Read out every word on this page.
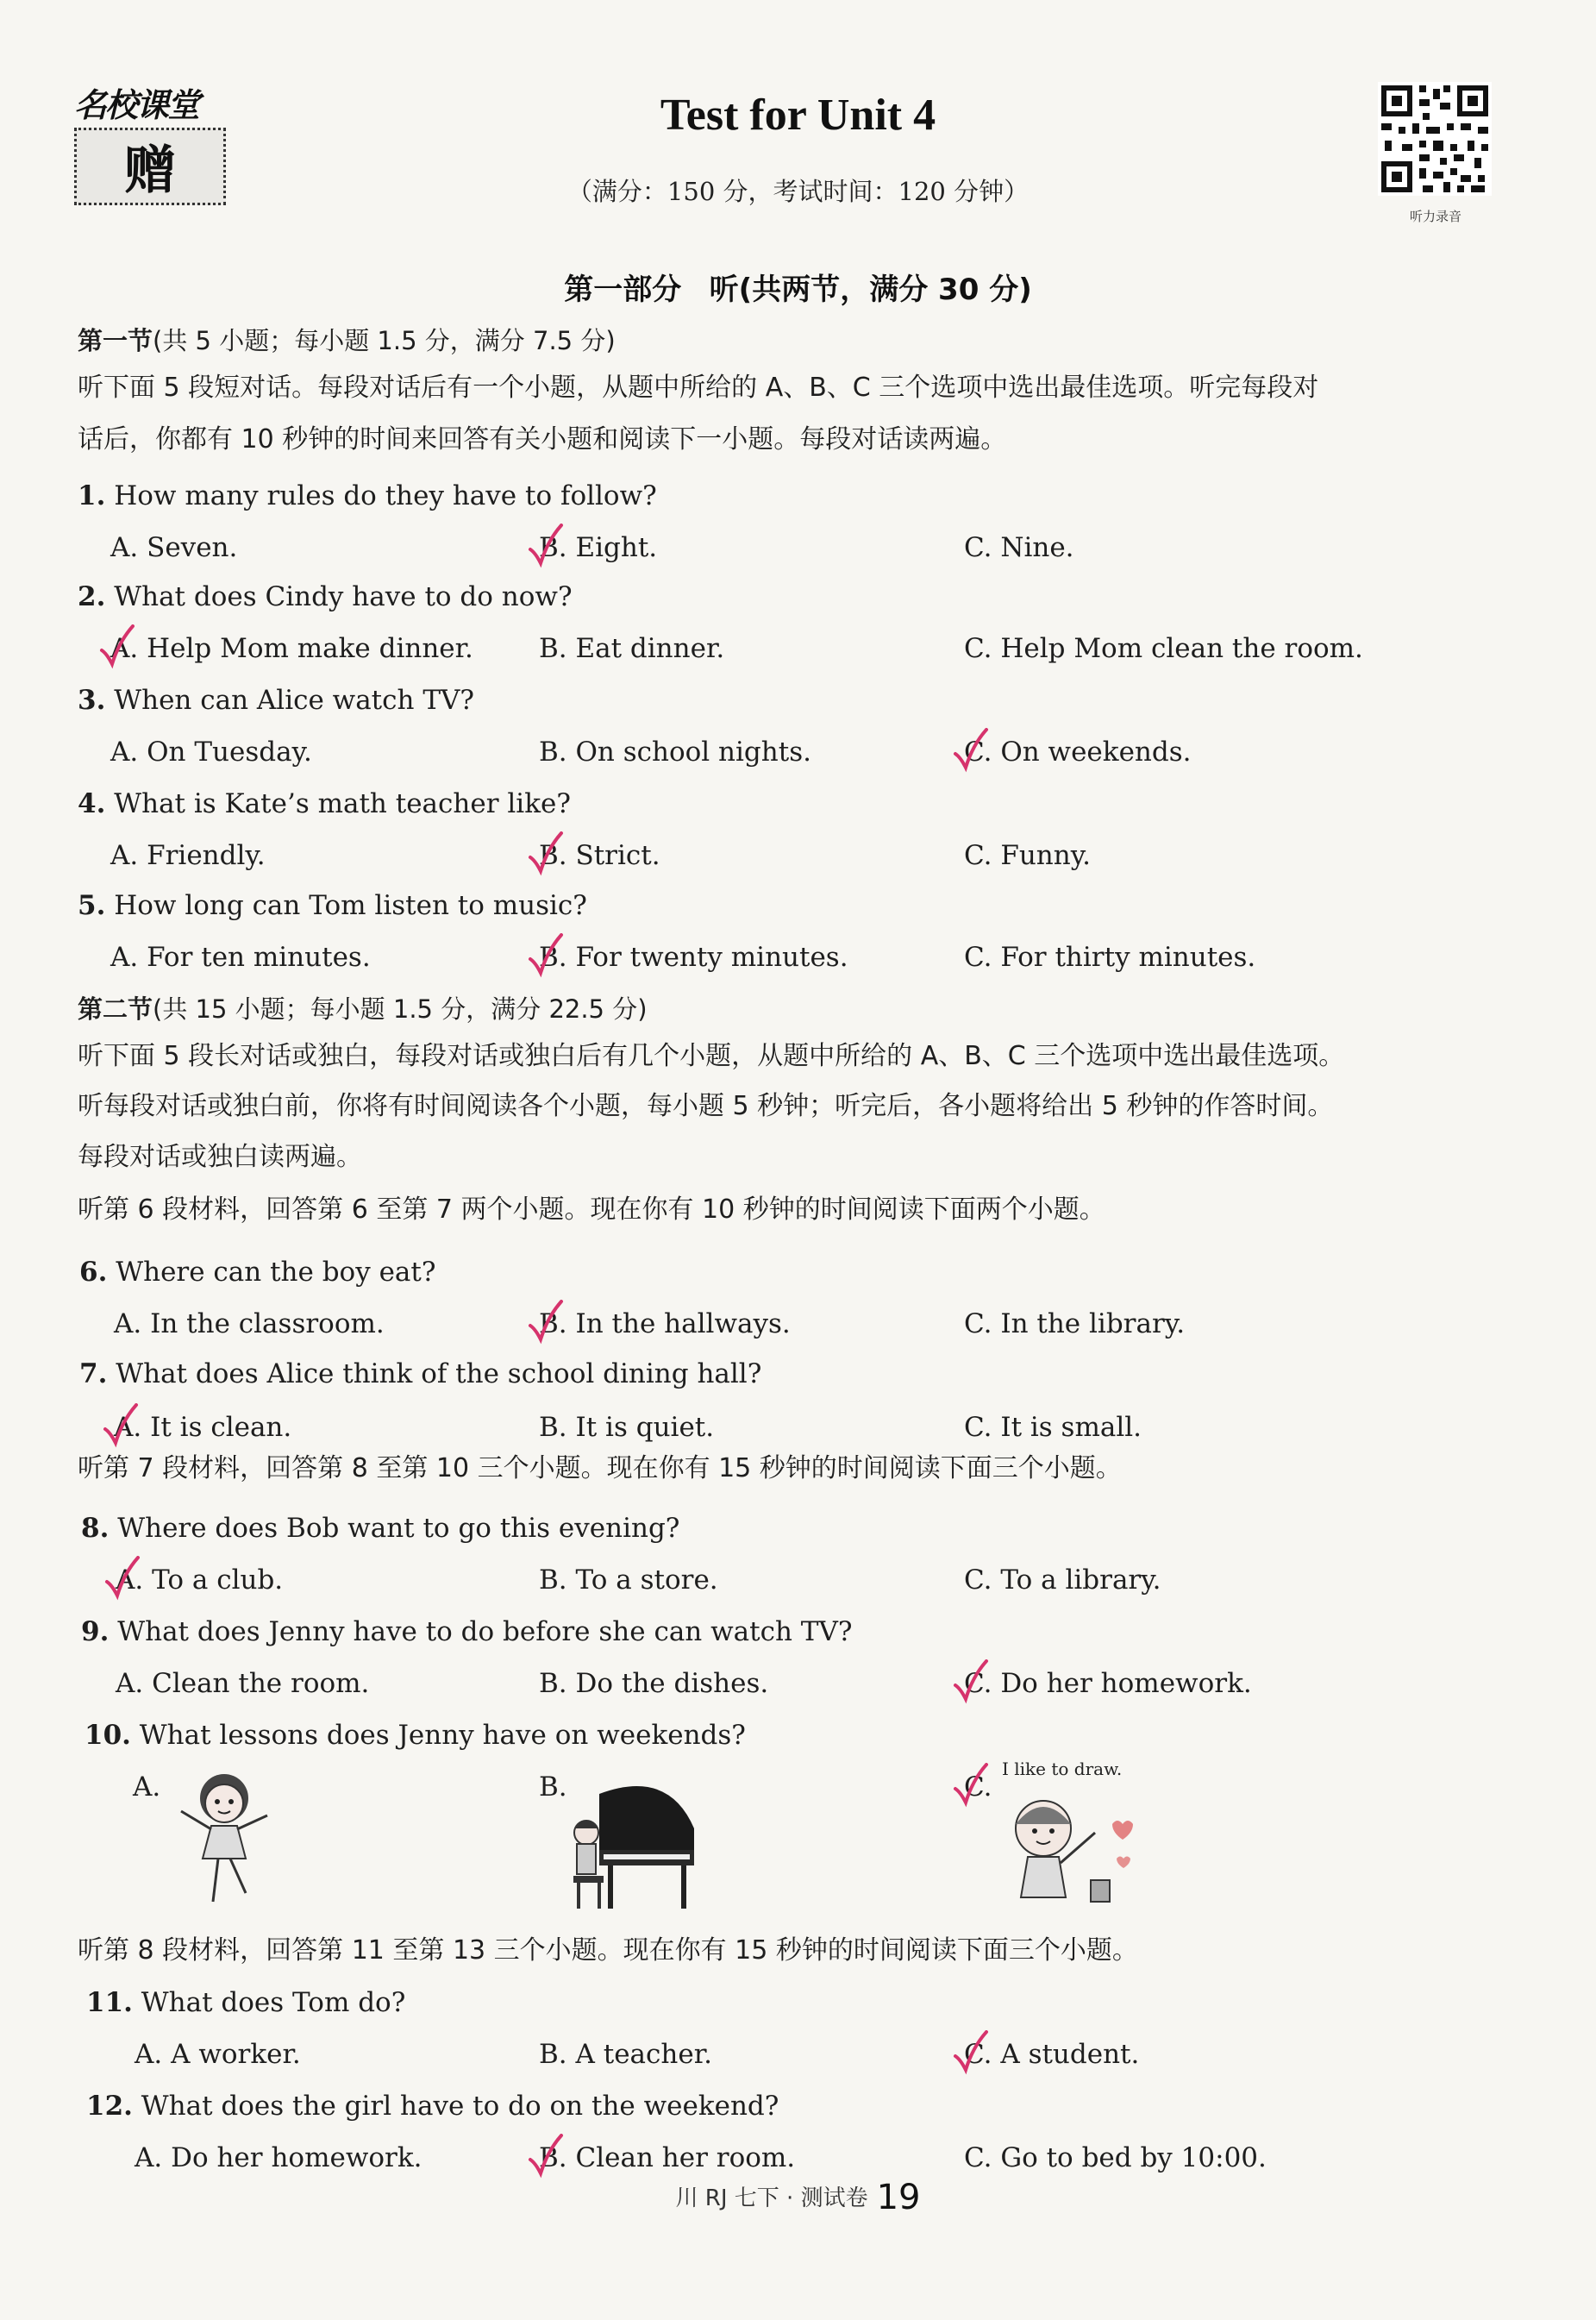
名校课堂
赠
Test for Unit 4
（满分：150 分，考试时间：120 分钟）
听力录音
第一部分 听(共两节，满分 30 分)
第一节(共 5 小题；每小题 1.5 分，满分 7.5 分)
听下面 5 段短对话。每段对话后有一个小题，从题中所给的 A、B、C 三个选项中选出最佳选项。听完每段对
话后，你都有 10 秒钟的时间来回答有关小题和阅读下一小题。每段对话读两遍。
1. How many rules do they have to follow?
A. Seven.	B. Eight.	C. Nine.
2. What does Cindy have to do now?
A. Help Mom make dinner. B. Eat dinner.	C. Help Mom clean the room.
3. When can Alice watch TV?
A. On Tuesday.	B. On school nights.	C. On weekends.
4. What is Kate’s math teacher like?
A. Friendly.	B. Strict.	C. Funny.
5. How long can Tom listen to music?
A. For ten minutes.	B. For twenty minutes.	C. For thirty minutes.
6. Where can the boy eat?
A. In the classroom.	B. In the hallways.	C. In the library.
7. What does Alice think of the school dining hall?
A. It is clean.	B. It is quiet.	C. It is small.
8. Where does Bob want to go this evening?
A. To a club.	B. To a store.	C. To a library.
9. What does Jenny have to do before she can watch TV?
A. Clean the room.	B. Do the dishes.	C. Do her homework.
10. What lessons does Jenny have on weekends?
A.	B.	C.
11. What does Tom do?
A. A worker.	B. A teacher.	C. A student.
12. What does the girl have to do on the weekend?
A. Do her homework.	B. Clean her room.	C. Go to bed by 10:00.
第二节(共 15 小题；每小题 1.5 分，满分 22.5 分)
听下面 5 段长对话或独白，每段对话或独白后有几个小题，从题中所给的 A、B、C 三个选项中选出最佳选项。
听每段对话或独白前，你将有时间阅读各个小题，每小题 5 秒钟；听完后，各小题将给出 5 秒钟的作答时间。
每段对话或独白读两遍。
听第 6 段材料，回答第 6 至第 7 两个小题。现在你有 10 秒钟的时间阅读下面两个小题。
听第 7 段材料，回答第 8 至第 10 三个小题。现在你有 15 秒钟的时间阅读下面三个小题。
听第 8 段材料，回答第 11 至第 13 三个小题。现在你有 15 秒钟的时间阅读下面三个小题。
I like to draw.
川 RJ 七下 · 测试卷 19
